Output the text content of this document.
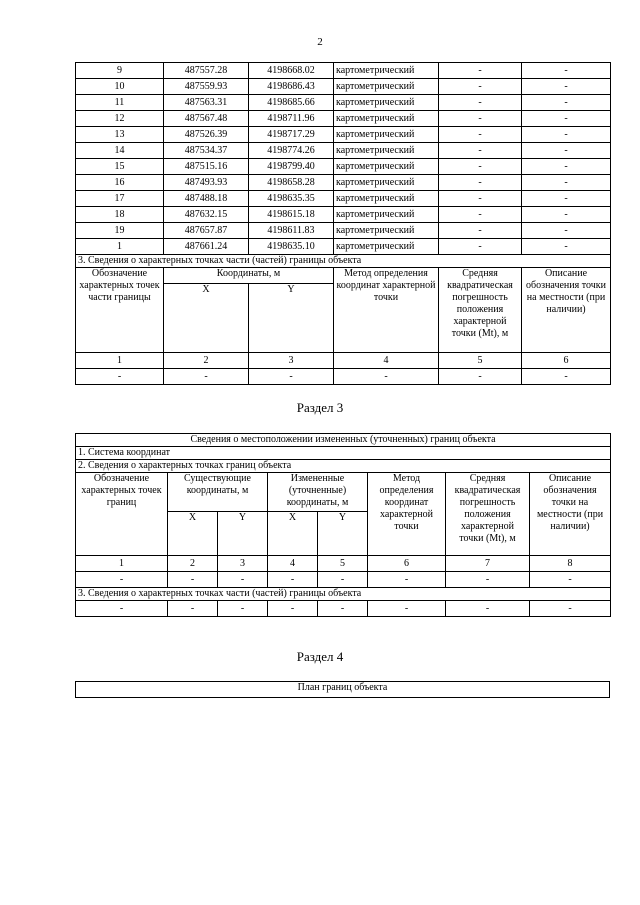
2
9	487557.28	4198668.02	картометрический	-	-
10	487559.93	4198686.43	картометрический	-	-
11	487563.31	4198685.66	картометрический	-	-
12	487567.48	4198711.96	картометрический	-	-
13	487526.39	4198717.29	картометрический	-	-
14	487534.37	4198774.26	картометрический	-	-
15	487515.16	4198799.40	картометрический	-	-
16	487493.93	4198658.28	картометрический	-	-
17	487488.18	4198635.35	картометрический	-	-
18	487632.15	4198615.18	картометрический	-	-
19	487657.87	4198611.83	картометрический	-	-
1	487661.24	4198635.10	картометрический	-	-
3. Сведения о характерных точках части (частей) границы объекта					

Обозначение характерных точек части границы	Координаты, м		Метод определения координат характерной точки	Средняя квадратическая погрешность положения характерной точки (Mt), м	Описание обозначения точки на местности (при наличии)

	X	Y			
1	2	3	4	5	6
-	-	-	-	-	-
Раздел 3
Сведения о местоположении измененных (уточненных) границ объекта							
1. Система координат							
2. Сведения о характерных точках границ объекта							

Обозначение характерных точек границ	Существующие координаты, м		Измененные (уточненные) координаты, м		Метод определения координат характерной точки	Средняя квадратическая погрешность положения характерной точки (Mt), м	Описание обозначения точки на местности (при наличии)

	X	Y	X	Y			
1	2	3	4	5	6	7	8
-	-	-	-	-	-	-	-
3. Сведения о характерных точках части (частей) границы объекта							
-	-	-	-	-	-	-	-
Раздел 4
План границ объекта
